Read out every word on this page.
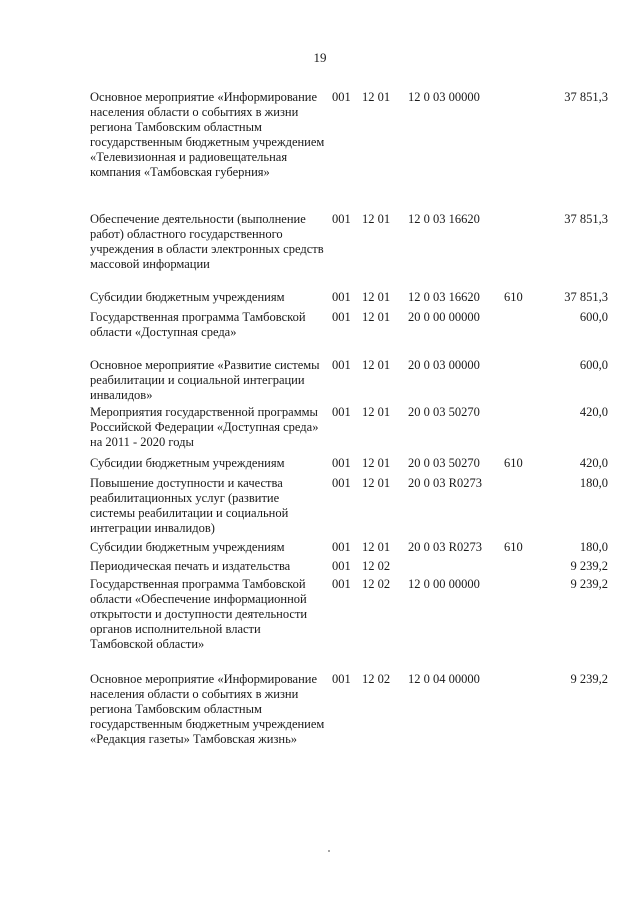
19
Основное мероприятие «Информирование населения области о событиях в жизни региона Тамбовским областным государственным бюджетным учреждением «Телевизионная и радиовещательная компания «Тамбовская губерния»
001 12 01 12 0 03 00000	37 851,3
Обеспечение деятельности (выполнение работ) областного государственного учреждения в области электронных средств массовой информации
001 12 01 12 0 03 16620	37 851,3
Субсидии бюджетным учреждениям	001 12 01 12 0 03 16620 610	37 851,3
Государственная программа Тамбовской области «Доступная среда»
001 12 01 20 0 00 00000	600,0
Основное мероприятие «Развитие системы реабилитации и социальной интеграции инвалидов»
001 12 01 20 0 03 00000	600,0
Мероприятия государственной программы Российской Федерации «Доступная среда» на 2011 - 2020 годы
001 12 01 20 0 03 50270	420,0
Субсидии бюджетным учреждениям	001 12 01 20 0 03 50270 610	420,0
Повышение доступности и качества реабилитационных услуг (развитие системы реабилитации и социальной интеграции инвалидов)
001 12 01 20 0 03 R0273	180,0
Субсидии бюджетным учреждениям	001 12 01 20 0 03 R0273 610	180,0
Периодическая печать и издательства	001 12 02	9 239,2
Государственная программа Тамбовской области «Обеспечение информационной открытости и доступности деятельности органов исполнительной власти Тамбовской области»
001 12 02 12 0 00 00000	9 239,2
Основное мероприятие «Информирование населения области о событиях в жизни региона Тамбовским областным государственным бюджетным учреждением «Редакция газеты» Тамбовская жизнь»
001 12 02 12 0 04 00000	9 239,2
